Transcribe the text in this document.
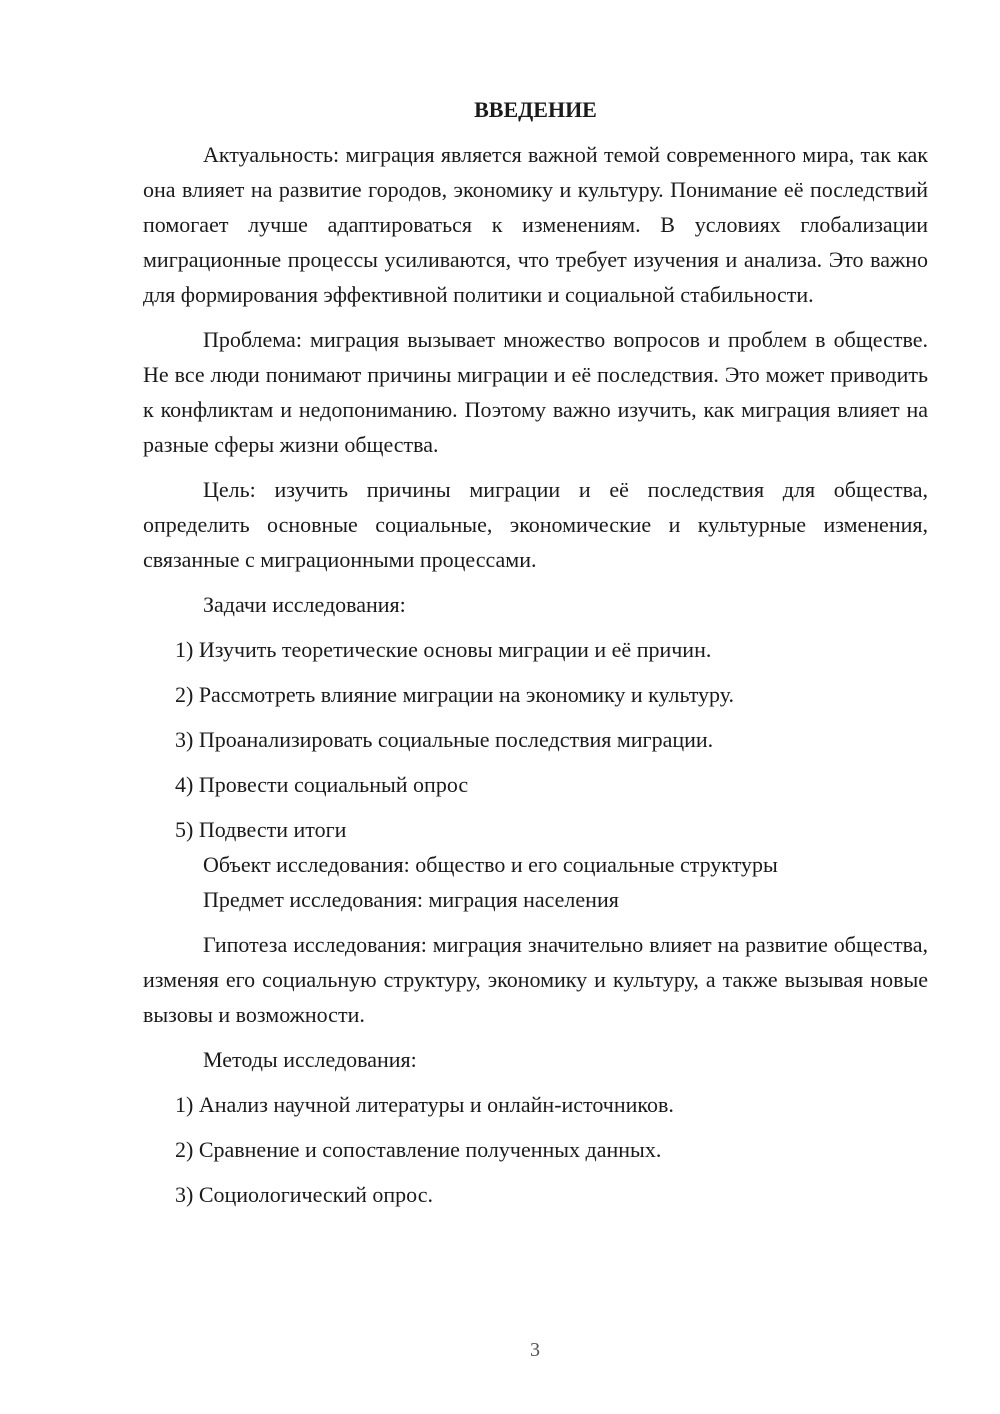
ВВЕДЕНИЕ

Актуальность: миграция является важной темой современного мира, так как она влияет на развитие городов, экономику и культуру. Понимание её последствий помогает лучше адаптироваться к изменениям. В условиях глобализации миграционные процессы усиливаются, что требует изучения и анализа. Это важно для формирования эффективной политики и социальной стабильности.

Проблема: миграция вызывает множество вопросов и проблем в обществе. Не все люди понимают причины миграции и её последствия. Это может приводить к конфликтам и недопониманию. Поэтому важно изучить, как миграция влияет на разные сферы жизни общества.

Цель: изучить причины миграции и её последствия для общества, определить основные социальные, экономические и культурные изменения, связанные с миграционными процессами.

Задачи исследования:

1) Изучить теоретические основы миграции и её причин.

2) Рассмотреть влияние миграции на экономику и культуру.

3) Проанализировать социальные последствия миграции.

4) Провести социальный опрос

5) Подвести итоги

Объект исследования: общество и его социальные структуры

Предмет исследования: миграция населения

Гипотеза исследования: миграция значительно влияет на развитие общества, изменяя его социальную структуру, экономику и культуру, а также вызывая новые вызовы и возможности.

Методы исследования:

1) Анализ научной литературы и онлайн-источников.

2) Сравнение и сопоставление полученных данных.

3) Социологический опрос.

3
